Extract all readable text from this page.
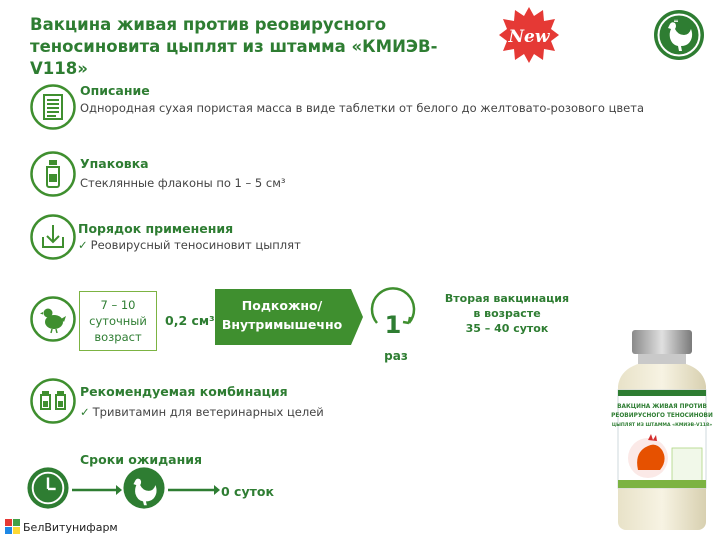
Вакцина живая против реовирусного теносиновита цыплят из штамма «КМИЭВ-V118»
New
Описание
Однородная сухая пористая масса в виде таблетки от белого до желтовато-розового цвета
Упаковка
Стеклянные флаконы по 1 – 5 см³
Порядок применения
✓ Реовирусный теносиновит цыплят
7 – 10
суточный
возраст
0,2 см³
Подкожно/
Внутримышечно 1
раз
Вторая вакцинация
в возрасте
35 – 40 суток
Рекомендуемая комбинация
✓ Тривитамин для ветеринарных целей
Сроки ожидания
0 суток
БелВитунифарм
ВАКЦИНА ЖИВАЯ ПРОТИВ
РЕОВИРУСНОГО ТЕНОСИНОВИ
ЦЫПЛЯТ ИЗ ШТАММА «КМИЭВ-V118»
